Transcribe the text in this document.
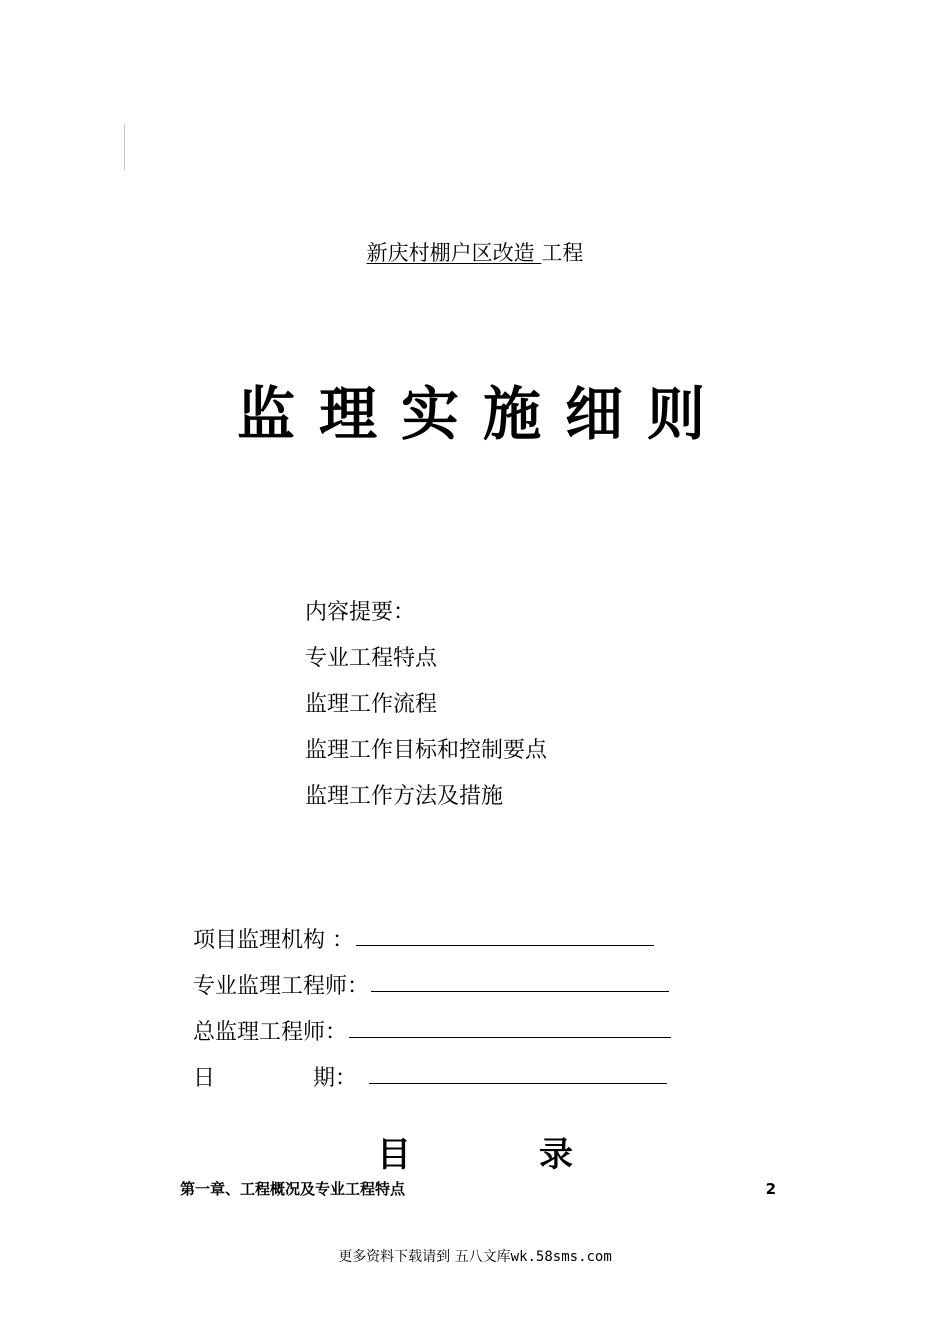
新庆村棚户区改造 工程
监理实施细则
内容提要：
专业工程特点
监理工作流程
监理工作目标和控制要点
监理工作方法及措施
项目监理机构 ：
专业监理工程师：
总监理工程师：
日	期：
目	录
第一章、工程概况及专业工程特点	2
更多资料下载请到 五八文库wk.58sms.com
